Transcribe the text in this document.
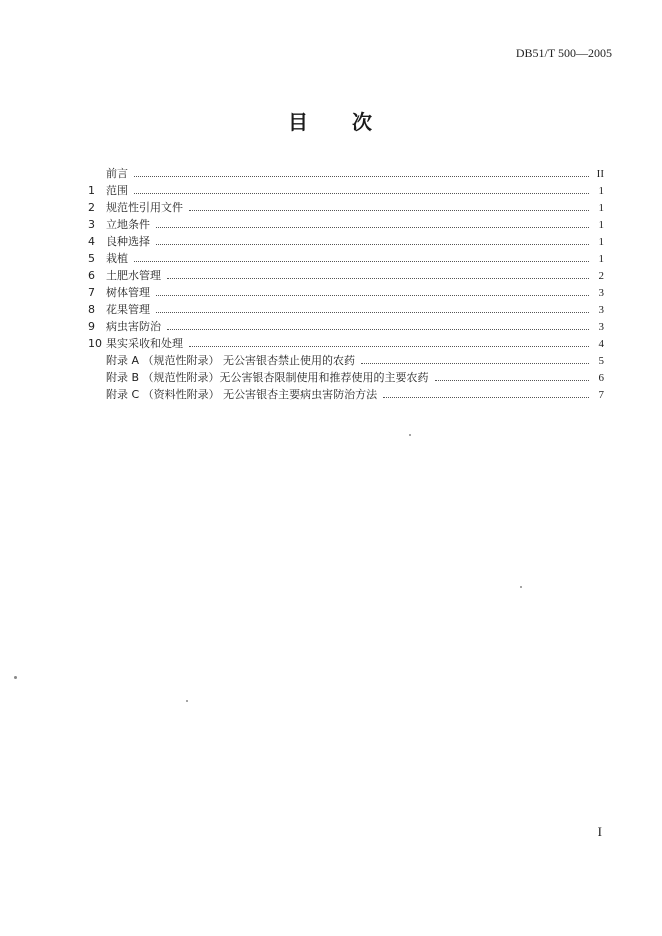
DB51/T 500—2005
目 次
前言	II
1	范围	1
2	规范性引用文件	1
3	立地条件	1
4	良种选择	1
5	栽植	1
6	土肥水管理	2
7	树体管理	3
8	花果管理	3
9	病虫害防治	3
10 果实采收和处理	4
附录 A （规范性附录） 无公害银杏禁止使用的农药	5
附录 B （规范性附录）无公害银杏限制使用和推荐使用的主要农药	6
附录 C （资料性附录） 无公害银杏主要病虫害防治方法	7
I
